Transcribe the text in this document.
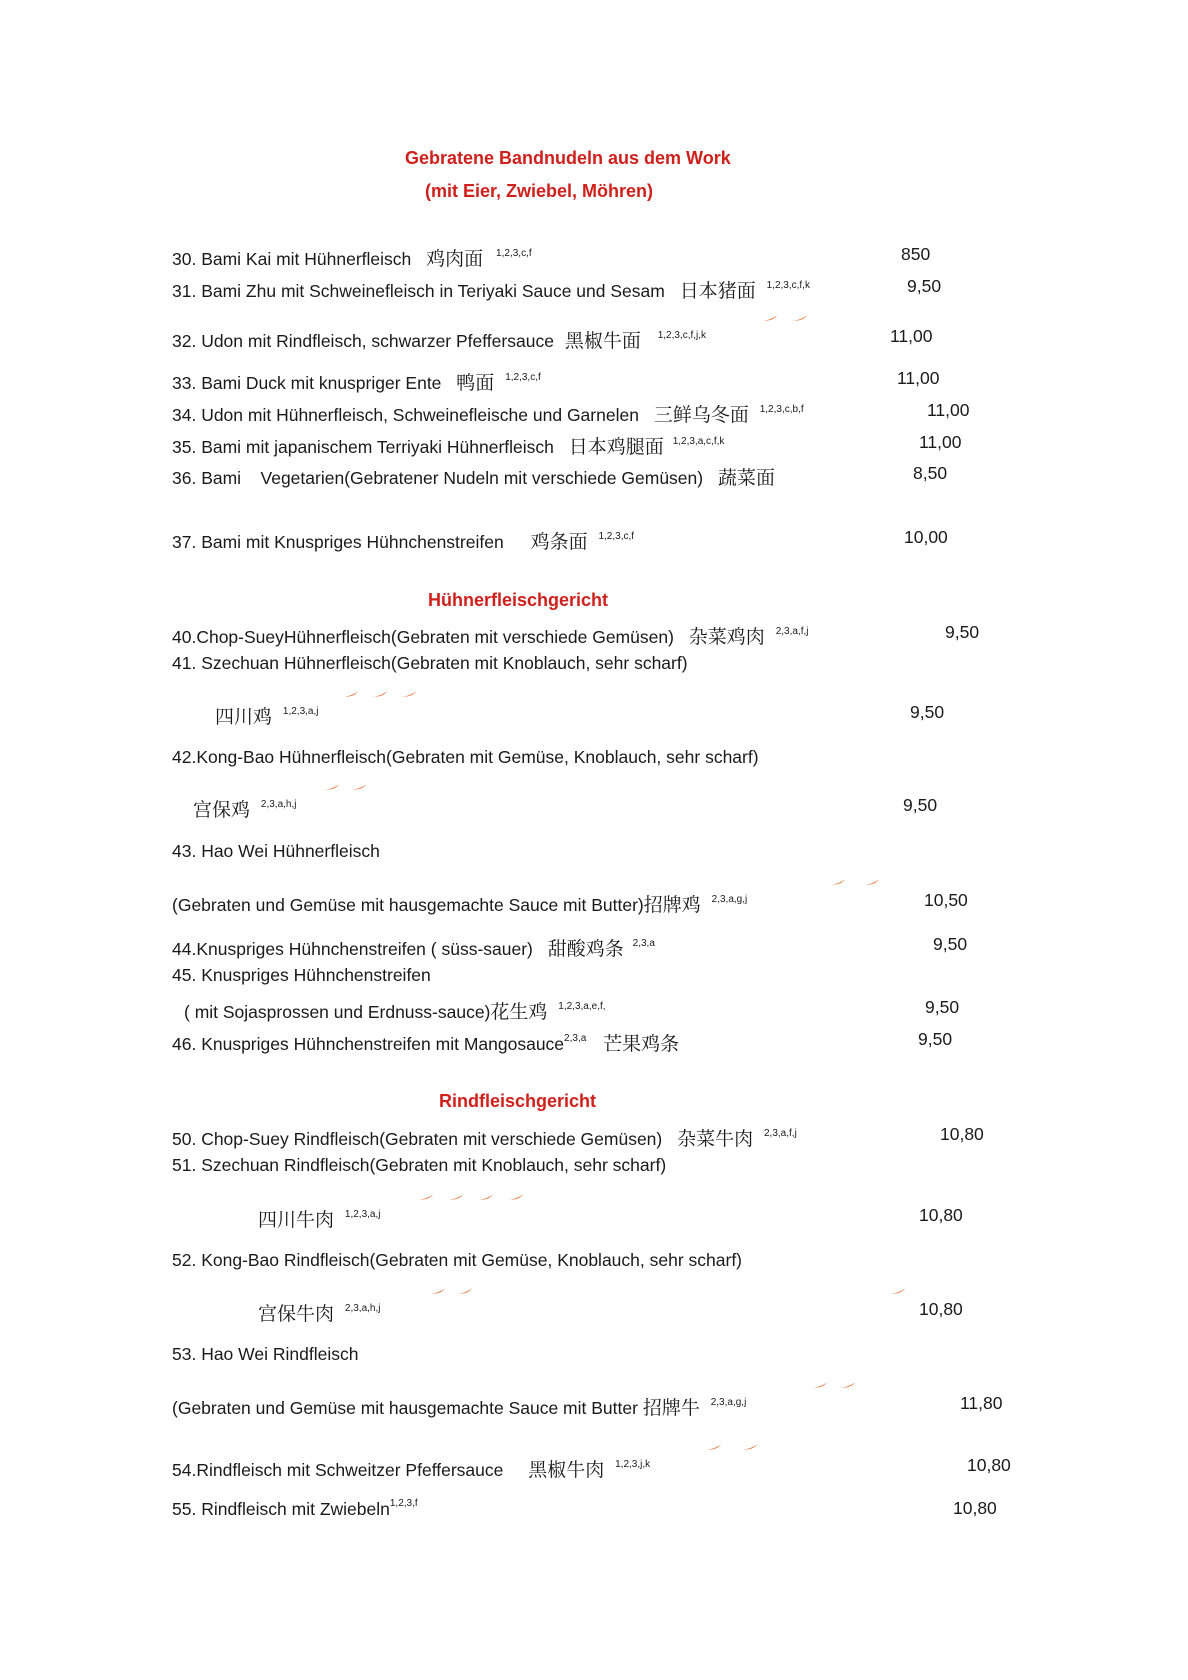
Gebratene Bandnudeln aus dem Work
(mit Eier, Zwiebel, Möhren)
30. Bami Kai mit Hühnerfleisch 鸡肉面 $^{1,2,3,c,f}$	850
31. Bami Zhu mit Schweinefleisch in Teriyaki Sauce und Sesam 日本猪面 $^{1,2,3,c,f,k}$	9,50
32. Udon mit Rindfleisch, schwarzer Pfeffersauce 黑椒牛面 $^{1,2,3,c,f,j,k}$	11,00
33. Bami Duck mit knuspriger Ente 鸭面 $^{1,2,3,c,f}$	11,00
34. Udon mit Hühnerfleisch, Schweinefleische und Garnelen 三鲜乌冬面 $^{1,2,3,c,b,f}$	11,00
35. Bami mit japanischem Terriyaki Hühnerfleisch 日本鸡腿面 $^{1,2,3,a,c,f,k}$	11,00
36. Bami    Vegetarien(Gebratener Nudeln mit verschiede Gemüsen) 蔬菜面	8,50
37. Bami mit Knuspriges Hühnchenstreifen 鸡条面 $^{1,2,3,c,f}$	10,00
Hühnerfleischgericht
40.Chop-SueyHühnerfleisch(Gebraten mit verschiede Gemüsen) 杂菜鸡肉 $^{2,3,a,f,j}$	9,50
41. Szechuan Hühnerfleisch(Gebraten mit Knoblauch, sehr scharf)
四川鸡 $^{1,2,3,a,j}$	9,50
42.Kong-Bao Hühnerfleisch(Gebraten mit Gemüse, Knoblauch, sehr scharf)
宫保鸡 $^{2,3,a,h,j}$	9,50
43. Hao Wei Hühnerfleisch
(Gebraten und Gemüse mit hausgemachte Sauce mit Butter)招牌鸡 $^{2,3,a,g,j}$	10,50
44.Knuspriges Hühnchenstreifen ( süss-sauer) 甜酸鸡条 $^{2,3,a}$	9,50
45. Knuspriges Hühnchenstreifen
( mit Sojasprossen und Erdnuss-sauce)花生鸡 $^{1,2,3,a,e,f,}$	9,50
46. Knuspriges Hühnchenstreifen mit Mangosauce$^{2,3,a}$ 芒果鸡条	9,50
Rindfleischgericht
50. Chop-Suey Rindfleisch(Gebraten mit verschiede Gemüsen) 杂菜牛肉 $^{2,3,a,f,j}$	10,80
51. Szechuan Rindfleisch(Gebraten mit Knoblauch, sehr scharf)
四川牛肉 $^{1,2,3,a,j}$	10,80
52. Kong-Bao Rindfleisch(Gebraten mit Gemüse, Knoblauch, sehr scharf)
宫保牛肉 $^{2,3,a,h,j}$	10,80
53. Hao Wei Rindfleisch
(Gebraten und Gemüse mit hausgemachte Sauce mit Butter 招牌牛 $^{2,3,a,g,j}$	11,80
54.Rindfleisch mit Schweitzer Pfeffersauce 黑椒牛肉 $^{1,2,3,j,k}$	10,80
55. Rindfleisch mit Zwiebeln$^{1,2,3,f}$	10,80
